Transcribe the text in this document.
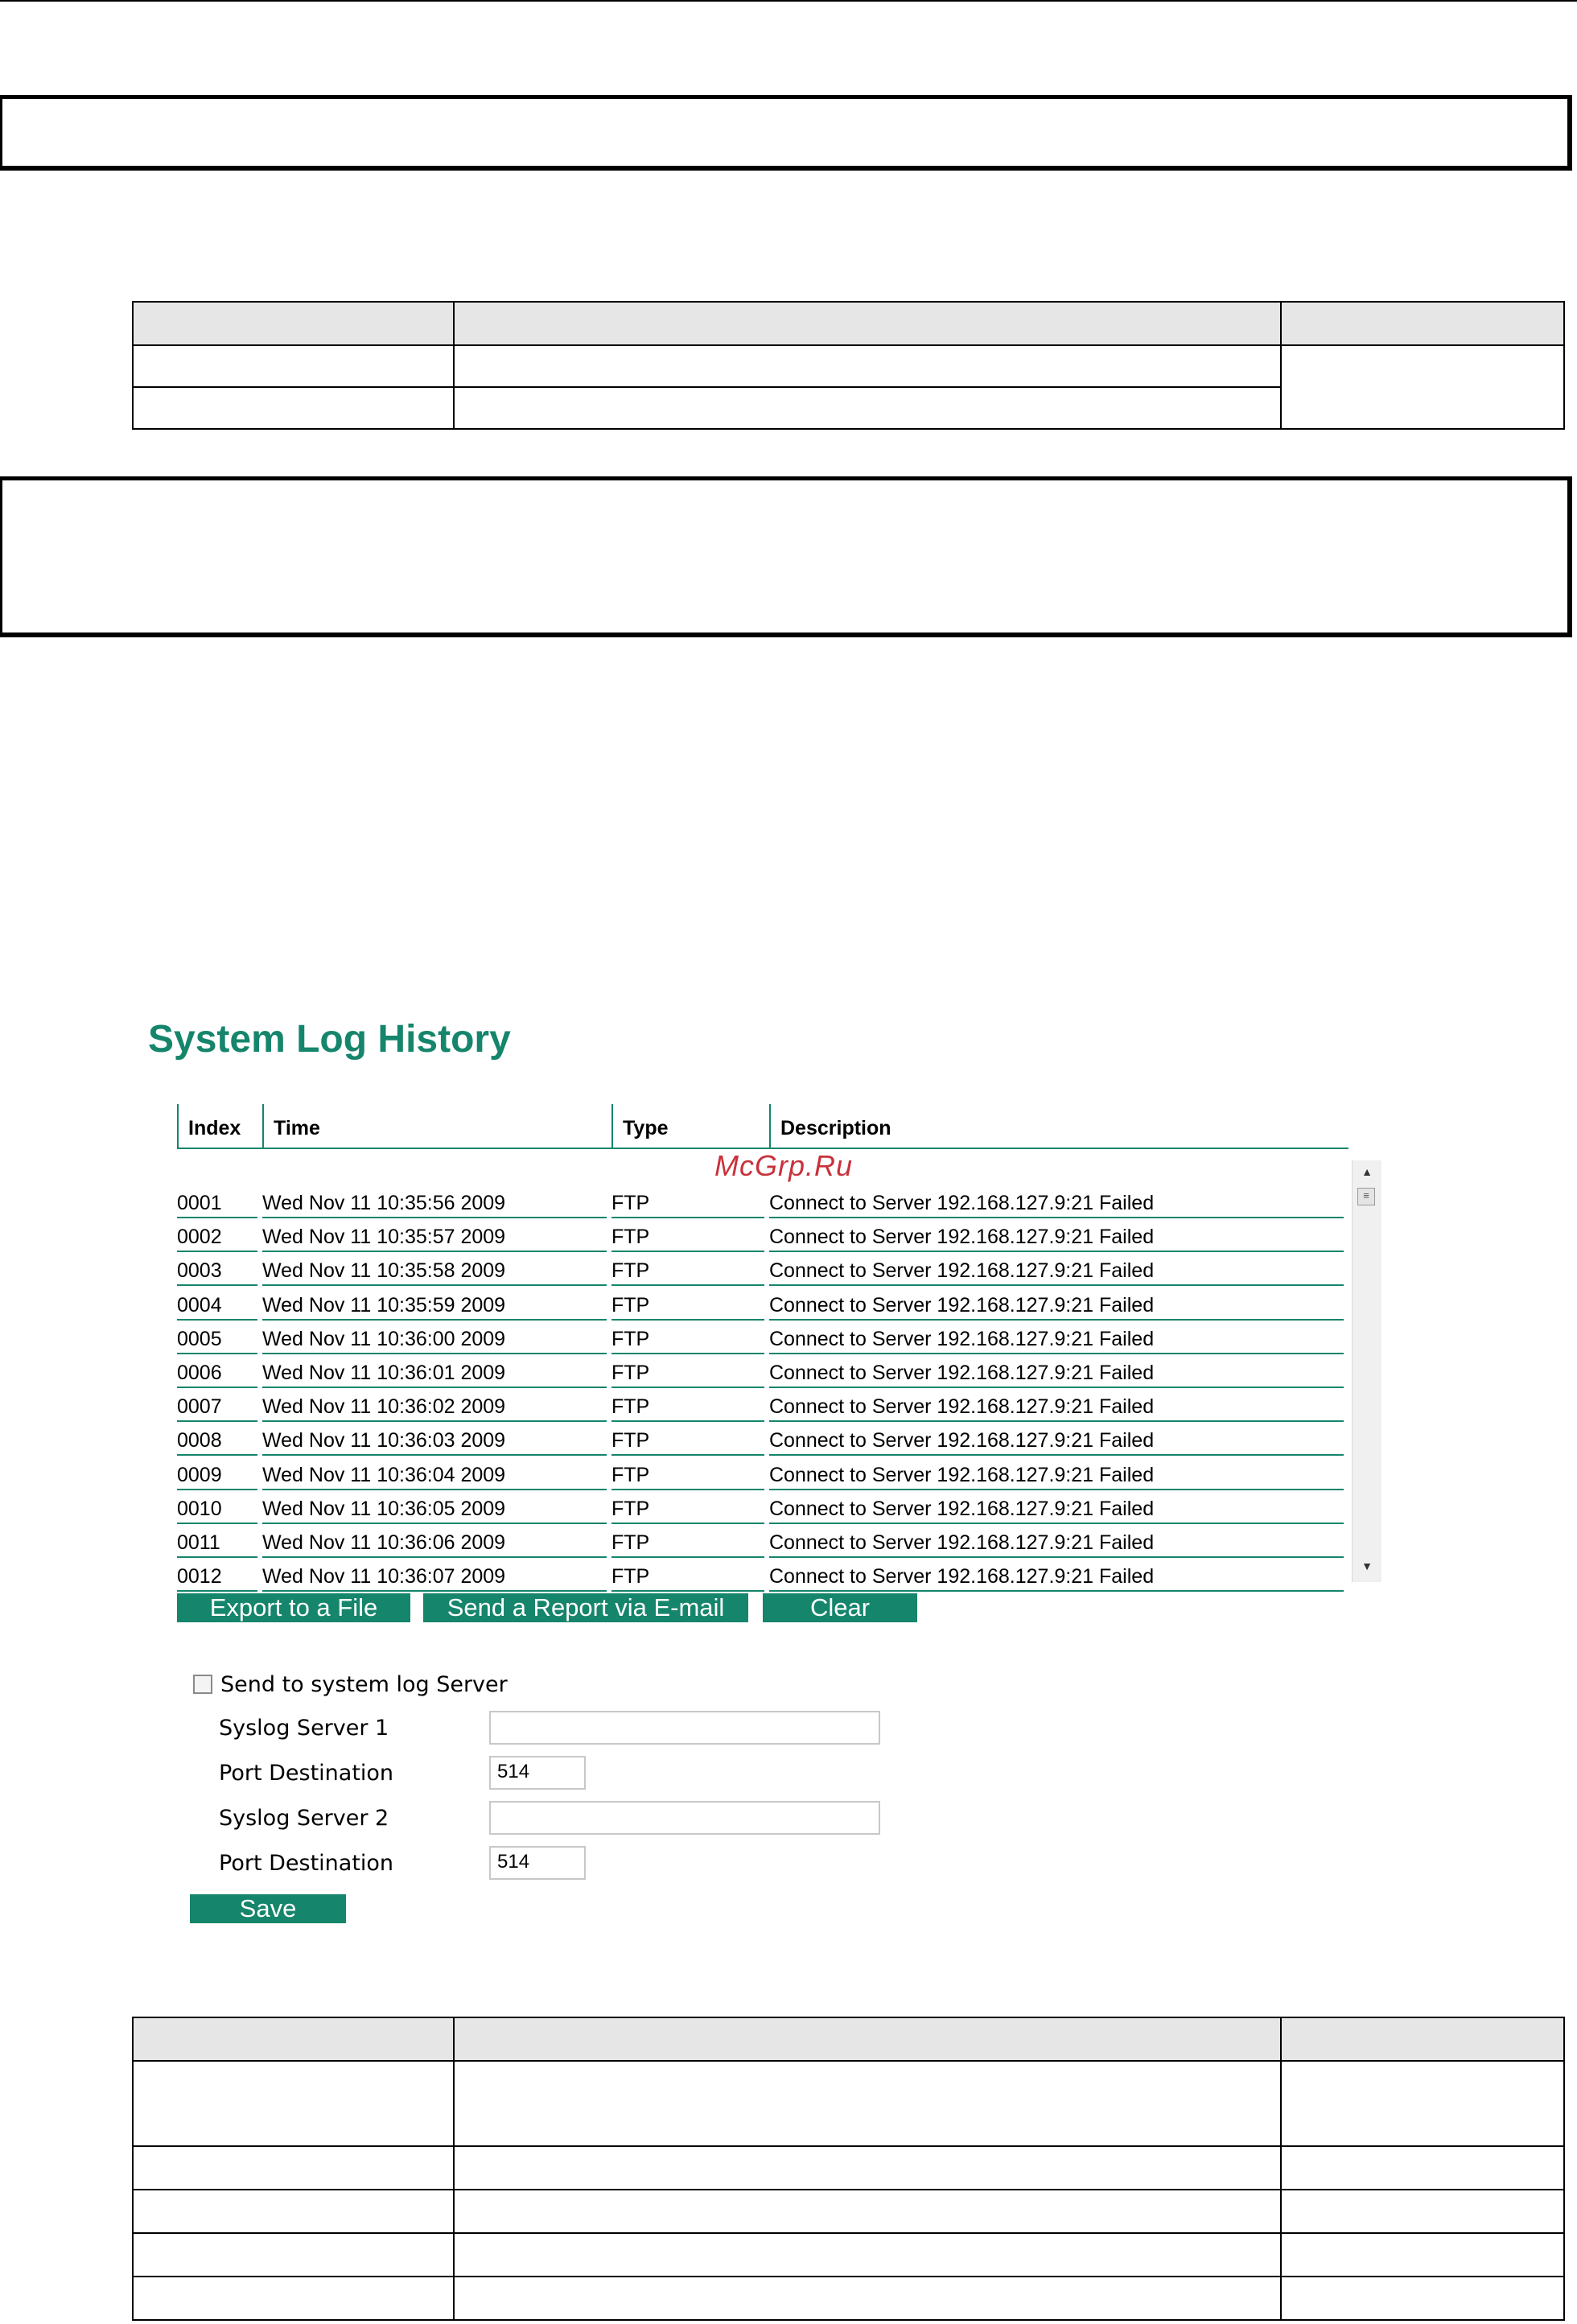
System Log History
Index	Time	Type	Description
McGrp.Ru
0001	Wed Nov 11 10:35:56 2009	FTP	Connect to Server 192.168.127.9:21 Failed
0002	Wed Nov 11 10:35:57 2009	FTP	Connect to Server 192.168.127.9:21 Failed
0003	Wed Nov 11 10:35:58 2009	FTP	Connect to Server 192.168.127.9:21 Failed
0004	Wed Nov 11 10:35:59 2009	FTP	Connect to Server 192.168.127.9:21 Failed
0005	Wed Nov 11 10:36:00 2009	FTP	Connect to Server 192.168.127.9:21 Failed
0006	Wed Nov 11 10:36:01 2009	FTP	Connect to Server 192.168.127.9:21 Failed
0007	Wed Nov 11 10:36:02 2009	FTP	Connect to Server 192.168.127.9:21 Failed
0008	Wed Nov 11 10:36:03 2009	FTP	Connect to Server 192.168.127.9:21 Failed
0009	Wed Nov 11 10:36:04 2009	FTP	Connect to Server 192.168.127.9:21 Failed
0010	Wed Nov 11 10:36:05 2009	FTP	Connect to Server 192.168.127.9:21 Failed
0011	Wed Nov 11 10:36:06 2009	FTP	Connect to Server 192.168.127.9:21 Failed
0012	Wed Nov 11 10:36:07 2009	FTP	Connect to Server 192.168.127.9:21 Failed
▲
≡
▼
Export to a File	Send a Report via E-mail	Clear
Send to system log Server
Syslog Server 1
Port Destination	514
Syslog Server 2
Port Destination	514
Save
